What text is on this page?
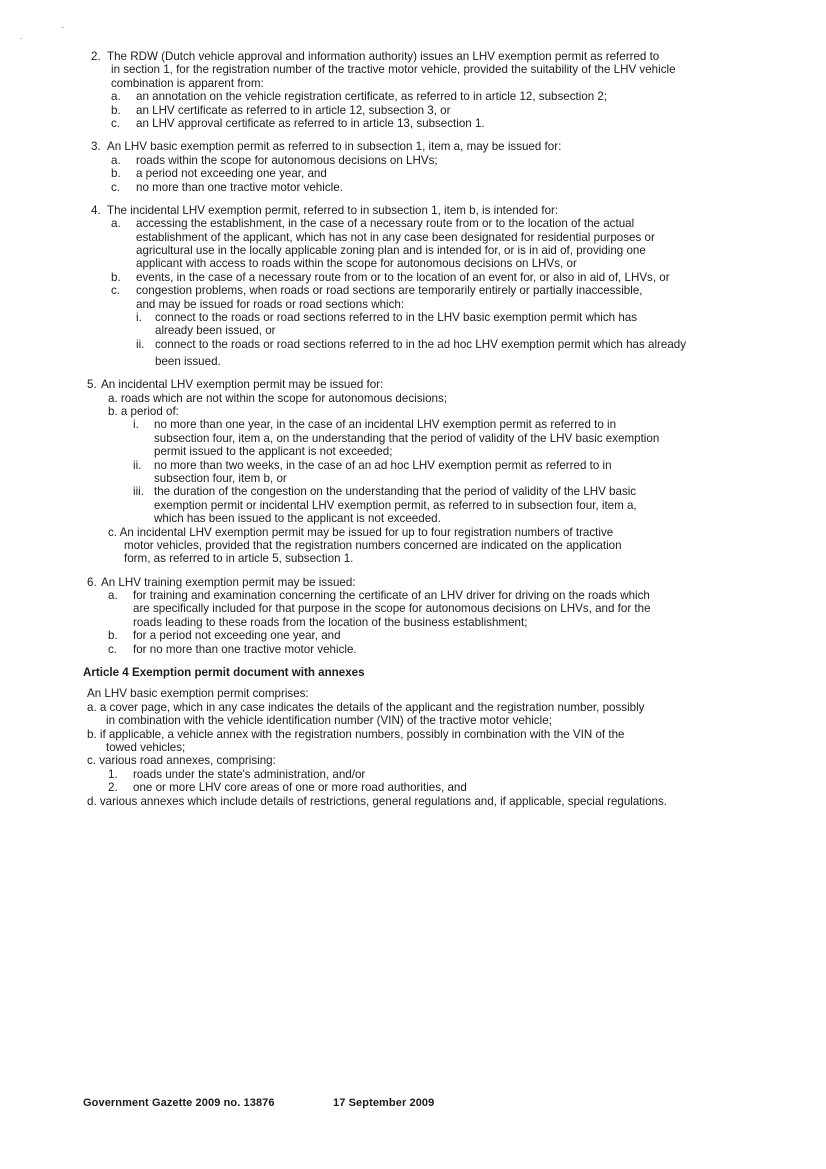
2. The RDW (Dutch vehicle approval and information authority) issues an LHV exemption permit as referred to
in section 1, for the registration number of the tractive motor vehicle, provided the suitability of the LHV vehicle
combination is apparent from:
a. an annotation on the vehicle registration certificate, as referred to in article 12, subsection 2;
b. an LHV certificate as referred to in article 12, subsection 3, or
c. an LHV approval certificate as referred to in article 13, subsection 1.
3. An LHV basic exemption permit as referred to in subsection 1, item a, may be issued for:
a. roads within the scope for autonomous decisions on LHVs;
b. a period not exceeding one year, and
c. no more than one tractive motor vehicle.
4. The incidental LHV exemption permit, referred to in subsection 1, item b, is intended for:
a. accessing the establishment, in the case of a necessary route from or to the location of the actual
establishment of the applicant, which has not in any case been designated for residential purposes or
agricultural use in the locally applicable zoning plan and is intended for, or is in aid of, providing one
applicant with access to roads within the scope for autonomous decisions on LHVs, or
b. events, in the case of a necessary route from or to the location of an event for, or also in aid of, LHVs, or
c. congestion problems, when roads or road sections are temporarily entirely or partially inaccessible,
and may be issued for roads or road sections which:
i. connect to the roads or road sections referred to in the LHV basic exemption permit which has
already been issued, or
ii. connect to the roads or road sections referred to in the ad hoc LHV exemption permit which has already
been issued.
5. An incidental LHV exemption permit may be issued for:
a. roads which are not within the scope for autonomous decisions;
b. a period of:
i. no more than one year, in the case of an incidental LHV exemption permit as referred to in
subsection four, item a, on the understanding that the period of validity of the LHV basic exemption
permit issued to the applicant is not exceeded;
ii. no more than two weeks, in the case of an ad hoc LHV exemption permit as referred to in
subsection four, item b, or
iii. the duration of the congestion on the understanding that the period of validity of the LHV basic
exemption permit or incidental LHV exemption permit, as referred to in subsection four, item a,
which has been issued to the applicant is not exceeded.
c. An incidental LHV exemption permit may be issued for up to four registration numbers of tractive
motor vehicles, provided that the registration numbers concerned are indicated on the application
form, as referred to in article 5, subsection 1.
6. An LHV training exemption permit may be issued:
a. for training and examination concerning the certificate of an LHV driver for driving on the roads which
are specifically included for that purpose in the scope for autonomous decisions on LHVs, and for the
roads leading to these roads from the location of the business establishment;
b. for a period not exceeding one year, and
c. for no more than one tractive motor vehicle.
Article 4 Exemption permit document with annexes
An LHV basic exemption permit comprises:
a. a cover page, which in any case indicates the details of the applicant and the registration number, possibly
in combination with the vehicle identification number (VIN) of the tractive motor vehicle;
b. if applicable, a vehicle annex with the registration numbers, possibly in combination with the VIN of the
towed vehicles;
c. various road annexes, comprising:
1. roads under the state's administration, and/or
2. one or more LHV core areas of one or more road authorities, and
d. various annexes which include details of restrictions, general regulations and, if applicable, special regulations.
Government Gazette 2009 no. 13876	17 September 2009
